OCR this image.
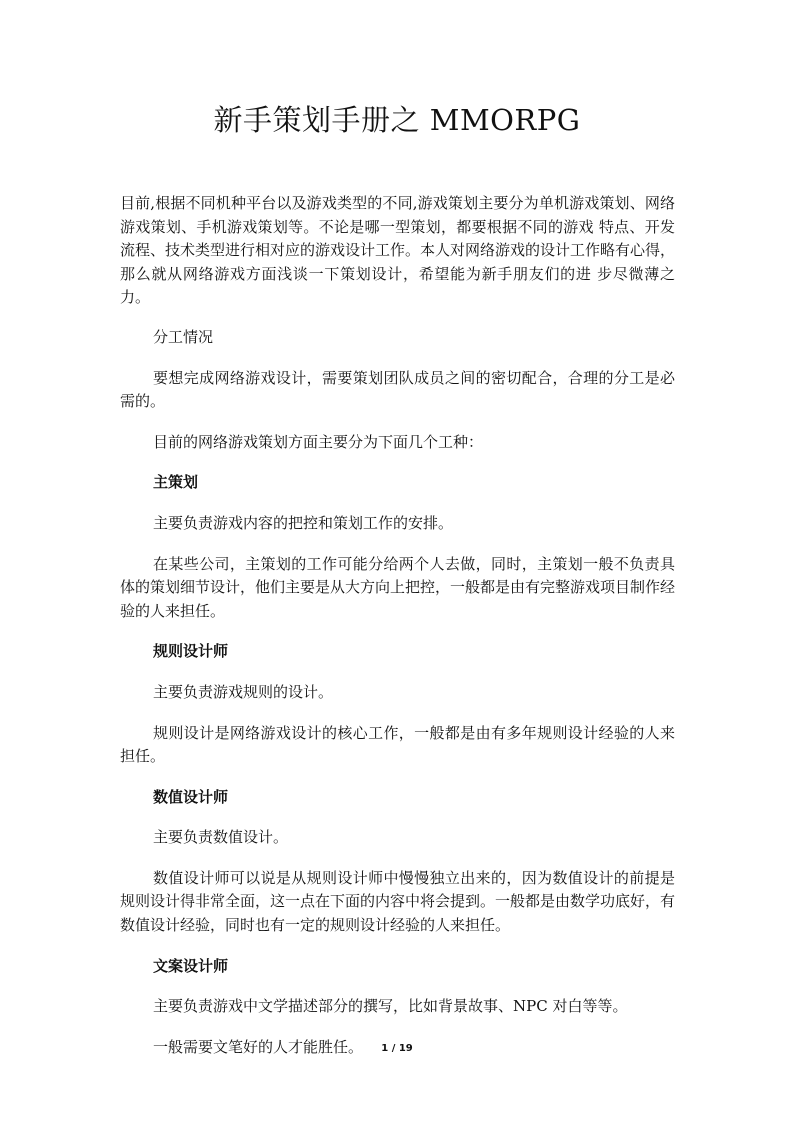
新手策划手册之 MMORPG

目前,根据不同机种平台以及游戏类型的不同,游戏策划主要分为单机游戏策划、网络游戏策划、手机游戏策划等。不论是哪一型策划，都要根据不同的游戏 特点、开发流程、技术类型进行相对应的游戏设计工作。本人对网络游戏的设计工作略有心得，那么就从网络游戏方面浅谈一下策划设计，希望能为新手朋友们的进 步尽微薄之力。

分工情况

要想完成网络游戏设计，需要策划团队成员之间的密切配合，合理的分工是必需的。

目前的网络游戏策划方面主要分为下面几个工种：

主策划

主要负责游戏内容的把控和策划工作的安排。

在某些公司，主策划的工作可能分给两个人去做，同时，主策划一般不负责具体的策划细节设计，他们主要是从大方向上把控，一般都是由有完整游戏项目制作经验的人来担任。

规则设计师

主要负责游戏规则的设计。

规则设计是网络游戏设计的核心工作，一般都是由有多年规则设计经验的人来担任。

数值设计师

主要负责数值设计。

数值设计师可以说是从规则设计师中慢慢独立出来的，因为数值设计的前提是规则设计得非常全面，这一点在下面的内容中将会提到。一般都是由数学功底好，有数值设计经验，同时也有一定的规则设计经验的人来担任。

文案设计师

主要负责游戏中文学描述部分的撰写，比如背景故事、NPC 对白等等。

一般需要文笔好的人才能胜任。	1 / 19
